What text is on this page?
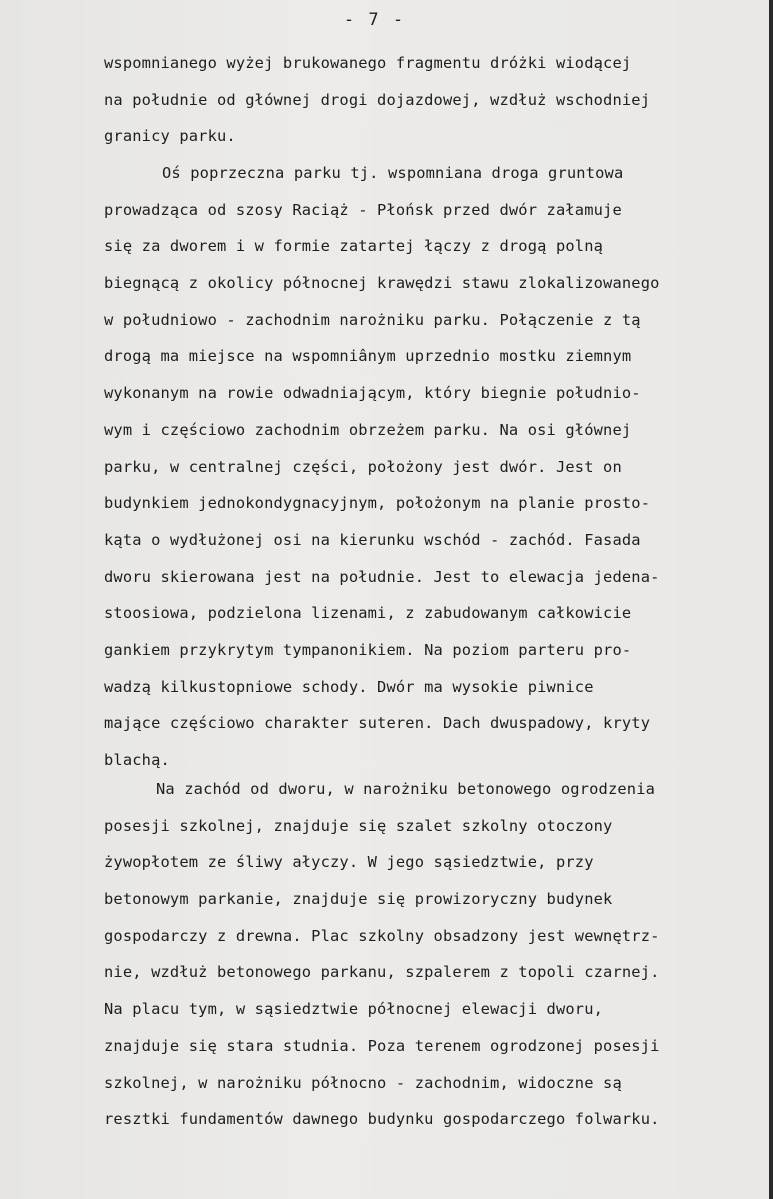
- 7 -
wspomnianego wyżej brukowanego fragmentu dróżki wiodącej
na południe od głównej drogi dojazdowej, wzdłuż wschodniej
granicy parku.
Oś poprzeczna parku tj. wspomniana droga gruntowa
prowadząca od szosy Raciąż - Płońsk przed dwór załamuje
się za dworem i w formie zatartej łączy z drogą polną
biegnącą z okolicy północnej krawędzi stawu zlokalizowanego
w południowo - zachodnim narożniku parku. Połączenie z tą
drogą ma miejsce na wspomniânym uprzednio mostku ziemnym
wykonanym na rowie odwadniającym, który biegnie południo-
wym i częściowo zachodnim obrzeżem parku. Na osi głównej
parku, w centralnej części, położony jest dwór. Jest on
budynkiem jednokondygnacyjnym, położonym na planie prosto-
kąta o wydłużonej osi na kierunku wschód - zachód. Fasada
dworu skierowana jest na południe. Jest to elewacja jedena-
stoosiowa, podzielona lizenami, z zabudowanym całkowicie
gankiem przykrytym tympanonikiem. Na poziom parteru pro-
wadzą kilkustopniowe schody. Dwór ma wysokie piwnice
mające częściowo charakter suteren. Dach dwuspadowy, kryty
blachą.
Na zachód od dworu, w narożniku betonowego ogrodzenia
posesji szkolnej, znajduje się szalet szkolny otoczony
żywopłotem ze śliwy ałyczy. W jego sąsiedztwie, przy
betonowym parkanie, znajduje się prowizoryczny budynek
gospodarczy z drewna. Plac szkolny obsadzony jest wewnętrz-
nie, wzdłuż betonowego parkanu, szpalerem z topoli czarnej.
Na placu tym, w sąsiedztwie północnej elewacji dworu,
znajduje się stara studnia. Poza terenem ogrodzonej posesji
szkolnej, w narożniku północno - zachodnim, widoczne są
resztki fundamentów dawnego budynku gospodarczego folwarku.
